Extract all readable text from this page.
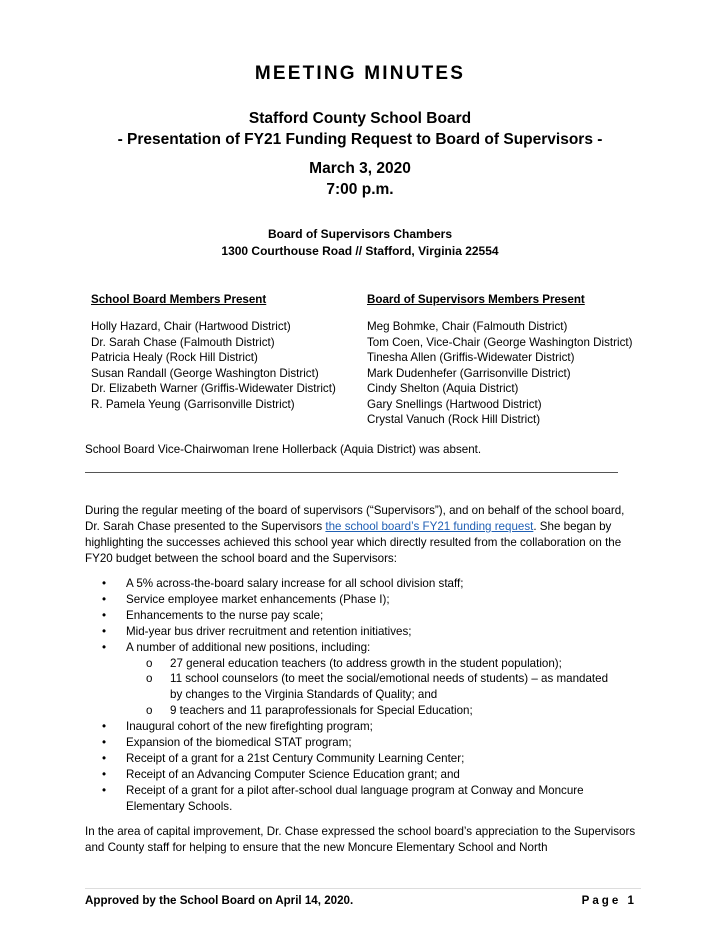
MEETING MINUTES
Stafford County School Board
- Presentation of FY21 Funding Request to Board of Supervisors -
March 3, 2020
7:00 p.m.
Board of Supervisors Chambers
1300 Courthouse Road // Stafford, Virginia 22554
School Board Members Present
Holly Hazard, Chair (Hartwood District)
Dr. Sarah Chase (Falmouth District)
Patricia Healy (Rock Hill District)
Susan Randall (George Washington District)
Dr. Elizabeth Warner (Griffis-Widewater District)
R. Pamela Yeung (Garrisonville District)
Board of Supervisors Members Present
Meg Bohmke, Chair (Falmouth District)
Tom Coen, Vice-Chair (George Washington District)
Tinesha Allen (Griffis-Widewater District)
Mark Dudenhefer (Garrisonville District)
Cindy Shelton (Aquia District)
Gary Snellings (Hartwood District)
Crystal Vanuch (Rock Hill District)
School Board Vice-Chairwoman Irene Hollerback (Aquia District) was absent.

During the regular meeting of the board of supervisors (“Supervisors”), and on behalf of the school board, Dr. Sarah Chase presented to the Supervisors the school board’s FY21 funding request. She began by highlighting the successes achieved this school year which directly resulted from the collaboration on the FY20 budget between the school board and the Supervisors:

• A 5% across-the-board salary increase for all school division staff;
• Service employee market enhancements (Phase I);
• Enhancements to the nurse pay scale;
• Mid-year bus driver recruitment and retention initiatives;
• A number of additional new positions, including:
o 27 general education teachers (to address growth in the student population);
o 11 school counselors (to meet the social/emotional needs of students) – as mandated by changes to the Virginia Standards of Quality; and
o 9 teachers and 11 paraprofessionals for Special Education;
• Inaugural cohort of the new firefighting program;
• Expansion of the biomedical STAT program;
• Receipt of a grant for a 21st Century Community Learning Center;
• Receipt of an Advancing Computer Science Education grant; and
• Receipt of a grant for a pilot after-school dual language program at Conway and Moncure Elementary Schools.

In the area of capital improvement, Dr. Chase expressed the school board’s appreciation to the Supervisors and County staff for helping to ensure that the new Moncure Elementary School and North

Approved by the School Board on April 14, 2020.	Page 1
